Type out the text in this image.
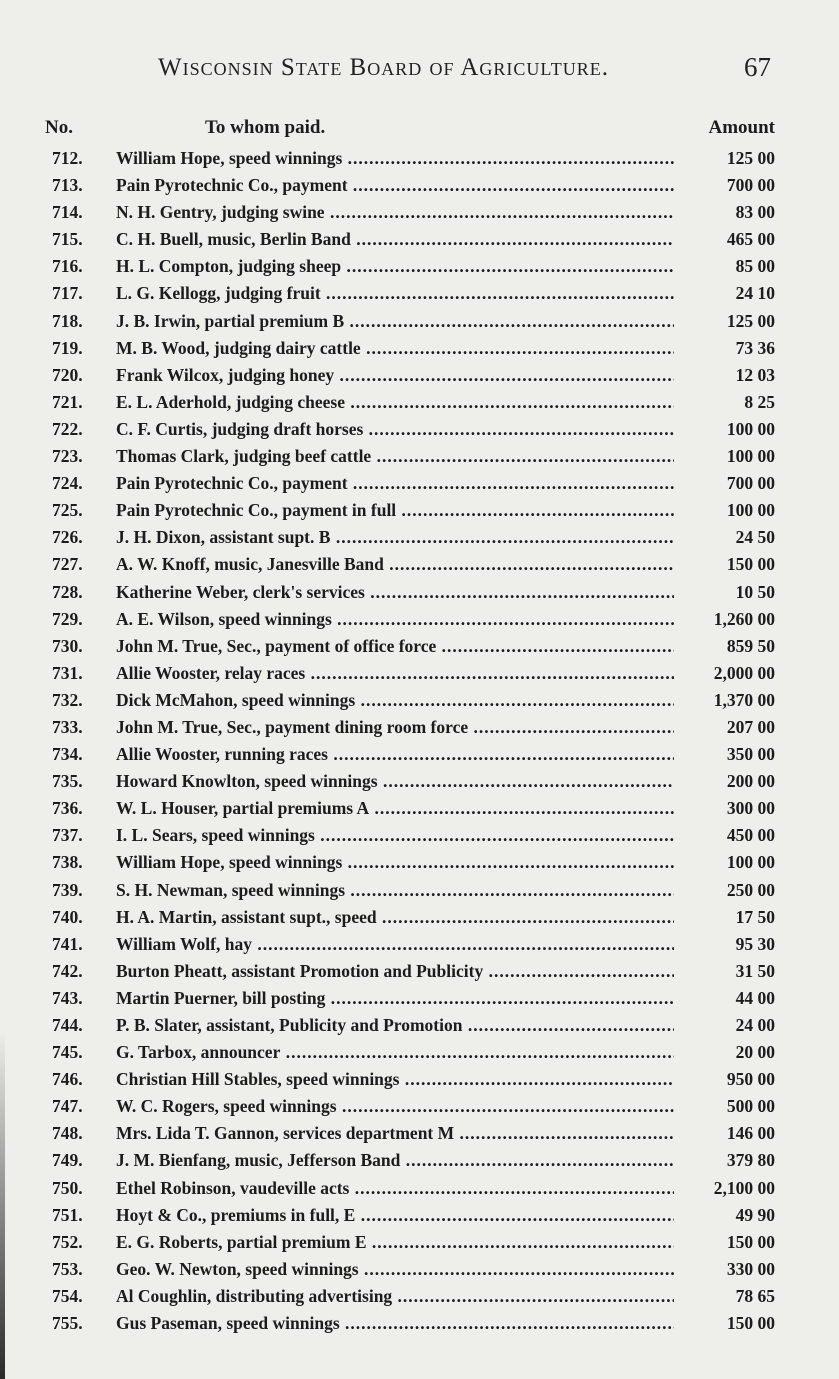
Wisconsin State Board of Agriculture.	67
No.	To whom paid.	Amount
712.	William Hope, speed winnings .....	125 00
713.	Pain Pyrotechnic Co., payment .....	700 00
714.	N. H. Gentry, judging swine .....	83 00
715.	C. H. Buell, music, Berlin Band .....	465 00
716.	H. L. Compton, judging sheep .....	85 00
717.	L. G. Kellogg, judging fruit .....	24 10
718.	J. B. Irwin, partial premium B .....	125 00
719.	M. B. Wood, judging dairy cattle .....	73 36
720.	Frank Wilcox, judging honey .....	12 03
721.	E. L. Aderhold, judging cheese .....	8 25
722.	C. F. Curtis, judging draft horses .....	100 00
723.	Thomas Clark, judging beef cattle .....	100 00
724.	Pain Pyrotechnic Co., payment .....	700 00
725.	Pain Pyrotechnic Co., payment in full .....	100 00
726.	J. H. Dixon, assistant supt. B .....	24 50
727.	A. W. Knoff, music, Janesville Band .....	150 00
728.	Katherine Weber, clerk's services .....	10 50
729.	A. E. Wilson, speed winnings .....	1,260 00
730.	John M. True, Sec., payment of office force .....	859 50
731.	Allie Wooster, relay races .....	2,000 00
732.	Dick McMahon, speed winnings .....	1,370 00
733.	John M. True, Sec., payment dining room force .....	207 00
734.	Allie Wooster, running races .....	350 00
735.	Howard Knowlton, speed winnings .....	200 00
736.	W. L. Houser, partial premiums A .....	300 00
737.	I. L. Sears, speed winnings .....	450 00
738.	William Hope, speed winnings .....	100 00
739.	S. H. Newman, speed winnings .....	250 00
740.	H. A. Martin, assistant supt., speed .....	17 50
741.	William Wolf, hay .....	95 30
742.	Burton Pheatt, assistant Promotion and Publicity .....	31 50
743.	Martin Puerner, bill posting .....	44 00
744.	P. B. Slater, assistant, Publicity and Promotion .....	24 00
745.	G. Tarbox, announcer .....	20 00
746.	Christian Hill Stables, speed winnings .....	950 00
747.	W. C. Rogers, speed winnings .....	500 00
748.	Mrs. Lida T. Gannon, services department M .....	146 00
749.	J. M. Bienfang, music, Jefferson Band .....	379 80
750.	Ethel Robinson, vaudeville acts .....	2,100 00
751.	Hoyt & Co., premiums in full, E .....	49 90
752.	E. G. Roberts, partial premium E .....	150 00
753.	Geo. W. Newton, speed winnings .....	330 00
754.	Al Coughlin, distributing advertising .....	78 65
755.	Gus Paseman, speed winnings .....	150 00
